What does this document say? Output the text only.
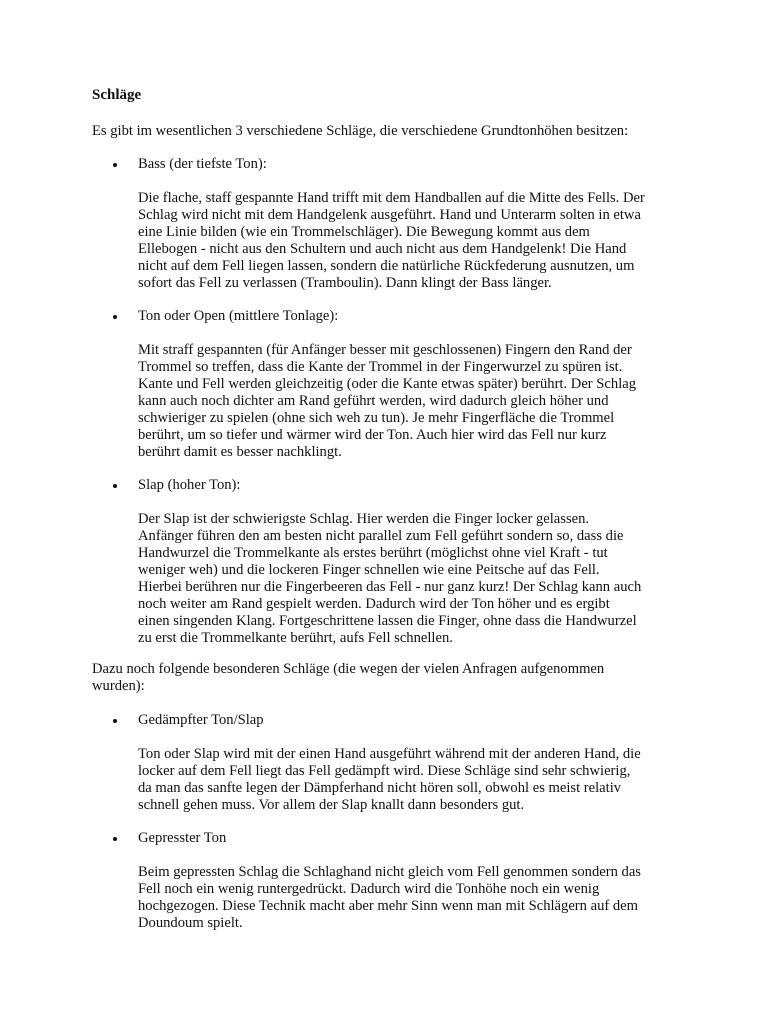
Schläge

Es gibt im wesentlichen 3 verschiedene Schläge, die verschiedene Grundtonhöhen besitzen:

Bass (der tiefste Ton):
Die flache, staff gespannte Hand trifft mit dem Handballen auf die Mitte des Fells. Der
Schlag wird nicht mit dem Handgelenk ausgeführt. Hand und Unterarm solten in etwa
eine Linie bilden (wie ein Trommelschläger). Die Bewegung kommt aus dem
Ellebogen - nicht aus den Schultern und auch nicht aus dem Handgelenk! Die Hand
nicht auf dem Fell liegen lassen, sondern die natürliche Rückfederung ausnutzen, um
sofort das Fell zu verlassen (Tramboulin). Dann klingt der Bass länger.
Ton oder Open (mittlere Tonlage):
Mit straff gespannten (für Anfänger besser mit geschlossenen) Fingern den Rand der
Trommel so treffen, dass die Kante der Trommel in der Fingerwurzel zu spüren ist.
Kante und Fell werden gleichzeitig (oder die Kante etwas später) berührt. Der Schlag
kann auch noch dichter am Rand geführt werden, wird dadurch gleich höher und
schwieriger zu spielen (ohne sich weh zu tun). Je mehr Fingerfläche die Trommel
berührt, um so tiefer und wärmer wird der Ton. Auch hier wird das Fell nur kurz
berührt damit es besser nachklingt.
Slap (hoher Ton):
Der Slap ist der schwierigste Schlag. Hier werden die Finger locker gelassen.
Anfänger führen den am besten nicht parallel zum Fell geführt sondern so, dass die
Handwurzel die Trommelkante als erstes berührt (möglichst ohne viel Kraft - tut
weniger weh) und die lockeren Finger schnellen wie eine Peitsche auf das Fell.
Hierbei berühren nur die Fingerbeeren das Fell - nur ganz kurz! Der Schlag kann auch
noch weiter am Rand gespielt werden. Dadurch wird der Ton höher und es ergibt
einen singenden Klang. Fortgeschrittene lassen die Finger, ohne dass die Handwurzel
zu erst die Trommelkante berührt, aufs Fell schnellen.
Dazu noch folgende besonderen Schläge (die wegen der vielen Anfragen aufgenommen
wurden):
Gedämpfter Ton/Slap
Ton oder Slap wird mit der einen Hand ausgeführt während mit der anderen Hand, die
locker auf dem Fell liegt das Fell gedämpft wird. Diese Schläge sind sehr schwierig,
da man das sanfte legen der Dämpferhand nicht hören soll, obwohl es meist relativ
schnell gehen muss. Vor allem der Slap knallt dann besonders gut.
Gepresster Ton
Beim gepressten Schlag die Schlaghand nicht gleich vom Fell genommen sondern das
Fell noch ein wenig runtergedrückt. Dadurch wird die Tonhöhe noch ein wenig
hochgezogen. Diese Technik macht aber mehr Sinn wenn man mit Schlägern auf dem
Doundoum spielt.
